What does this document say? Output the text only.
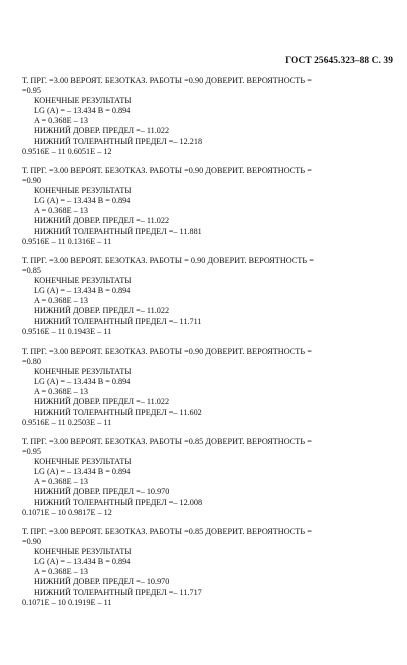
ГОСТ 25645.323–88 С. 39
Т. ПРГ. =3.00 ВЕРОЯТ. БЕЗОТКАЗ. РАБОТЫ =0.90 ДОВЕРИТ. ВЕРОЯТНОСТЬ =
=0.95
КОНЕЧНЫЕ РЕЗУЛЬТАТЫ
LG (A) = – 13.434 B = 0.894
A = 0.368E – 13
НИЖНИЙ ДОВЕР. ПРЕДЕЛ =– 11.022
НИЖНИЙ ТОЛЕРАНТНЫЙ ПРЕДЕЛ =– 12.218
0.9516E – 11 0.6051E – 12
Т. ПРГ. =3.00 ВЕРОЯТ. БЕЗОТКАЗ. РАБОТЫ =0.90 ДОВЕРИТ. ВЕРОЯТНОСТЬ =
=0.90
КОНЕЧНЫЕ РЕЗУЛЬТАТЫ
LG (A) = – 13.434 B = 0.894
A = 0.368E – 13
НИЖНИЙ ДОВЕР. ПРЕДЕЛ =– 11.022
НИЖНИЙ ТОЛЕРАНТНЫЙ ПРЕДЕЛ =– 11.881
0.9516E – 11 0.1316E – 11
Т. ПРГ. =3.00 ВЕРОЯТ. БЕЗОТКАЗ. РАБОТЫ = 0.90 ДОВЕРИТ. ВЕРОЯТНОСТЬ =
=0.85
КОНЕЧНЫЕ РЕЗУЛЬТАТЫ
LG (A) = – 13.434 B = 0.894
A = 0.368E – 13
НИЖНИЙ ДОВЕР. ПРЕДЕЛ =– 11.022
НИЖНИЙ ТОЛЕРАНТНЫЙ ПРЕДЕЛ =– 11.711
0.9516E – 11 0.1943E – 11
Т. ПРГ. =3.00 ВЕРОЯТ. БЕЗОТКАЗ. РАБОТЫ =0.90 ДОВЕРИТ. ВЕРОЯТНОСТЬ =
=0.80
КОНЕЧНЫЕ РЕЗУЛЬТАТЫ
LG (A) = – 13.434 B = 0.894
A = 0.368E – 13
НИЖНИЙ ДОВЕР. ПРЕДЕЛ =– 11.022
НИЖНИЙ ТОЛЕРАНТНЫЙ ПРЕДЕЛ =– 11.602
0.9516E – 11 0.2503E – 11
Т. ПРГ. =3.00 ВЕРОЯТ. БЕЗОТКАЗ. РАБОТЫ =0.85 ДОВЕРИТ. ВЕРОЯТНОСТЬ =
=0.95
КОНЕЧНЫЕ РЕЗУЛЬТАТЫ
LG (A) = – 13.434 B = 0.894
A = 0.368E – 13
НИЖНИЙ ДОВЕР. ПРЕДЕЛ =– 10.970
НИЖНИЙ ТОЛЕРАНТНЫЙ ПРЕДЕЛ =– 12.008
0.1071E – 10 0.9817E – 12
Т. ПРГ. =3.00 ВЕРОЯТ. БЕЗОТКАЗ. РАБОТЫ =0.85 ДОВЕРИТ. ВЕРОЯТНОСТЬ =
=0.90
КОНЕЧНЫЕ РЕЗУЛЬТАТЫ
LG (A) = – 13.434 B = 0.894
A = 0.368E – 13
НИЖНИЙ ДОВЕР. ПРЕДЕЛ =– 10.970
НИЖНИЙ ТОЛЕРАНТНЫЙ ПРЕДЕЛ =– 11.717
0.1071E – 10 0.1919E – 11
